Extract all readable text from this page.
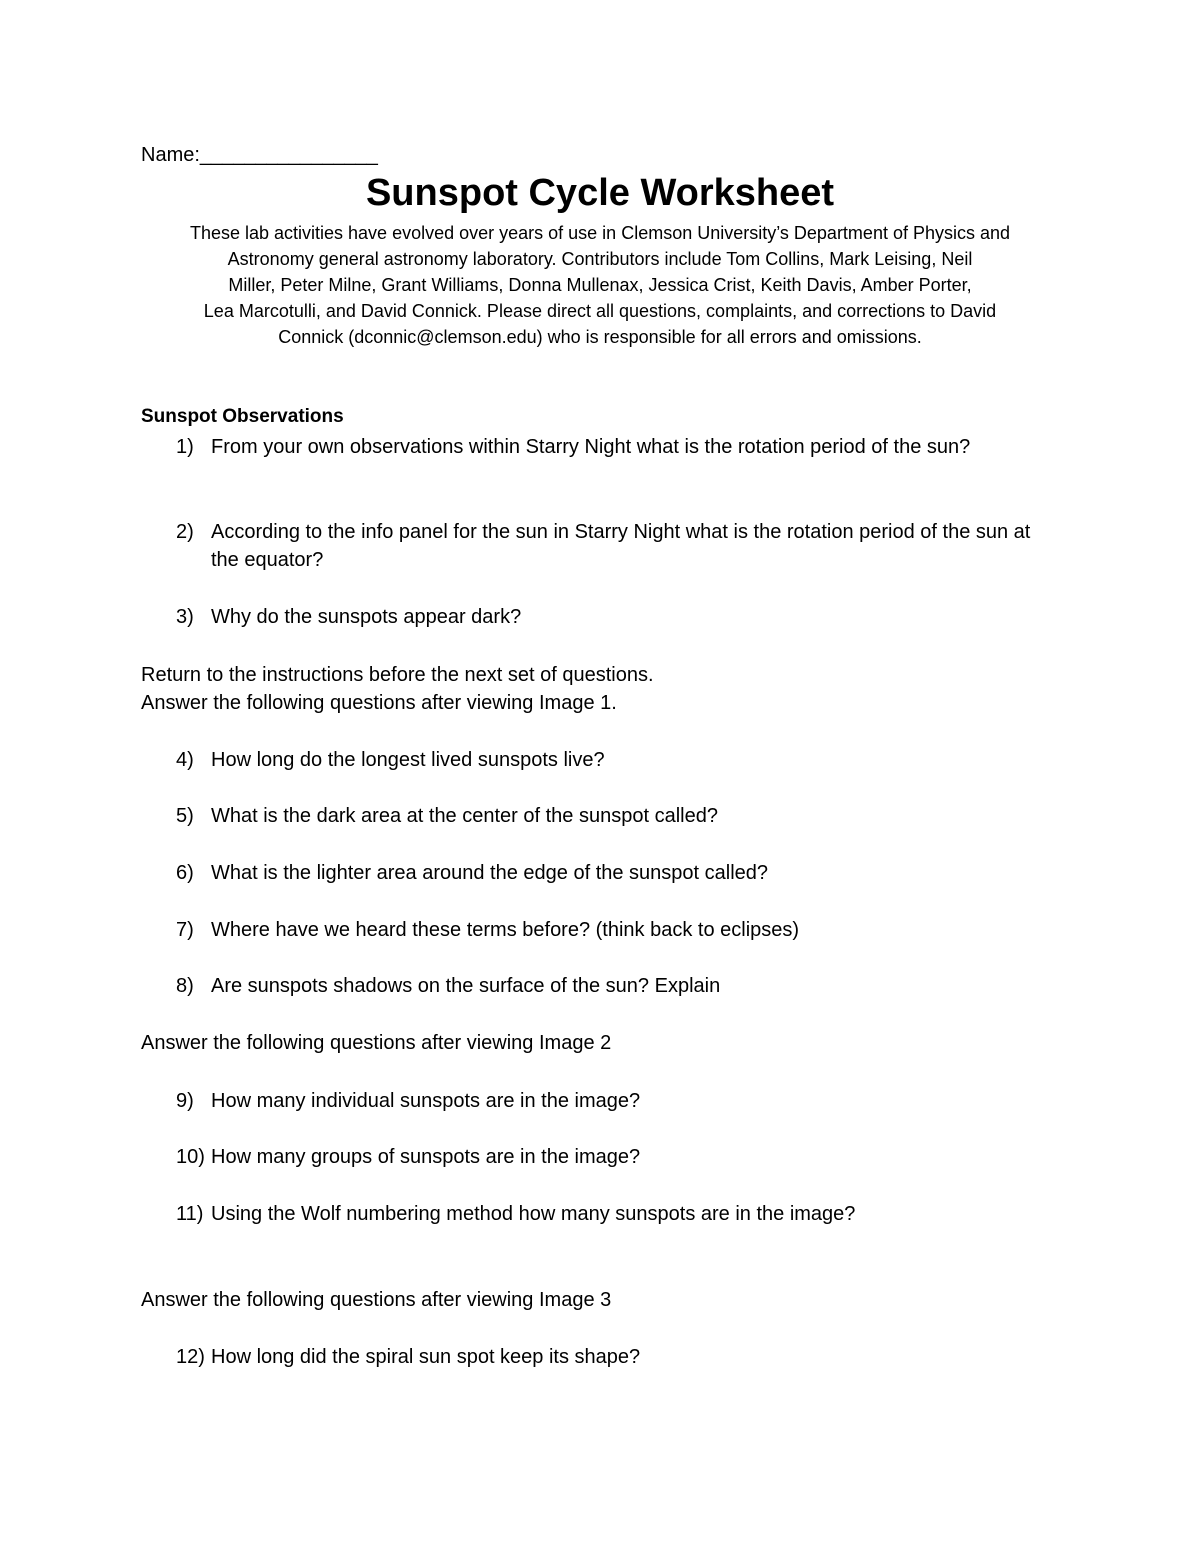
Name:________________
Sunspot Cycle Worksheet
These lab activities have evolved over years of use in Clemson University’s Department of Physics and
Astronomy general astronomy laboratory. Contributors include Tom Collins, Mark Leising, Neil
Miller, Peter Milne, Grant Williams, Donna Mullenax, Jessica Crist, Keith Davis, Amber Porter,
Lea Marcotulli, and David Connick. Please direct all questions, complaints, and corrections to David
Connick (dconnic@clemson.edu) who is responsible for all errors and omissions.
Sunspot Observations
1) From your own observations within Starry Night what is the rotation period of the sun?
2) According to the info panel for the sun in Starry Night what is the rotation period of the sun at the equator?
3) Why do the sunspots appear dark?
Return to the instructions before the next set of questions.
Answer the following questions after viewing Image 1.
4) How long do the longest lived sunspots live?
5) What is the dark area at the center of the sunspot called?
6) What is the lighter area around the edge of the sunspot called?
7) Where have we heard these terms before? (think back to eclipses)
8) Are sunspots shadows on the surface of the sun? Explain
Answer the following questions after viewing Image 2
9) How many individual sunspots are in the image?
10) How many groups of sunspots are in the image?
11) Using the Wolf numbering method how many sunspots are in the image?
Answer the following questions after viewing Image 3
12) How long did the spiral sun spot keep its shape?
